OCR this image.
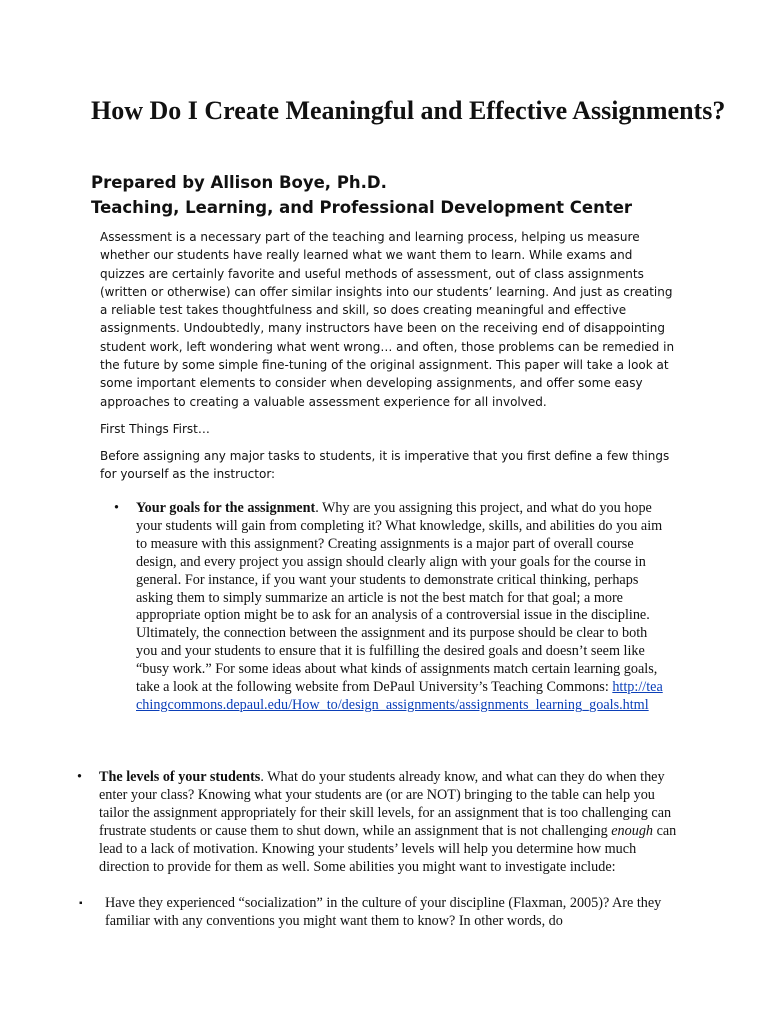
How Do I Create Meaningful and Effective Assignments?
Prepared by Allison Boye, Ph.D.
Teaching, Learning, and Professional Development Center

Assessment is a necessary part of the teaching and learning process, helping us measure whether our students have really learned what we want them to learn. While exams and quizzes are certainly favorite and useful methods of assessment, out of class assignments (written or otherwise) can offer similar insights into our students’ learning. And just as creating a reliable test takes thoughtfulness and skill, so does creating meaningful and effective assignments. Undoubtedly, many instructors have been on the receiving end of disappointing student work, left wondering what went wrong… and often, those problems can be remedied in the future by some simple fine-tuning of the original assignment. This paper will take a look at some important elements to consider when developing assignments, and offer some easy approaches to creating a valuable assessment experience for all involved.

First Things First…

Before assigning any major tasks to students, it is imperative that you first define a few things for yourself as the instructor:

• Your goals for the assignment. Why are you assigning this project, and what do you hope your students will gain from completing it? What knowledge, skills, and abilities do you aim to measure with this assignment? Creating assignments is a major part of overall course design, and every project you assign should clearly align with your goals for the course in general. For instance, if you want your students to demonstrate critical thinking, perhaps asking them to simply summarize an article is not the best match for that goal; a more appropriate option might be to ask for an analysis of a controversial issue in the discipline. Ultimately, the connection between the assignment and its purpose should be clear to both you and your students to ensure that it is fulfilling the desired goals and doesn’t seem like “busy work.” For some ideas about what kinds of assignments match certain learning goals, take a look at the following website from DePaul University’s Teaching Commons: http://teachingcommons.depaul.edu/How_to/design_assignments/assignments_learning_goals.html
• The levels of your students. What do your students already know, and what can they do when they enter your class? Knowing what your students are (or are NOT) bringing to the table can help you tailor the assignment appropriately for their skill levels, for an assignment that is too challenging can frustrate students or cause them to shut down, while an assignment that is not challenging enough can lead to a lack of motivation. Knowing your students’ levels will help you determine how much direction to provide for them as well. Some abilities you might want to investigate include:
▪ Have they experienced “socialization” in the culture of your discipline (Flaxman, 2005)? Are they familiar with any conventions you might want them to know? In other words, do
